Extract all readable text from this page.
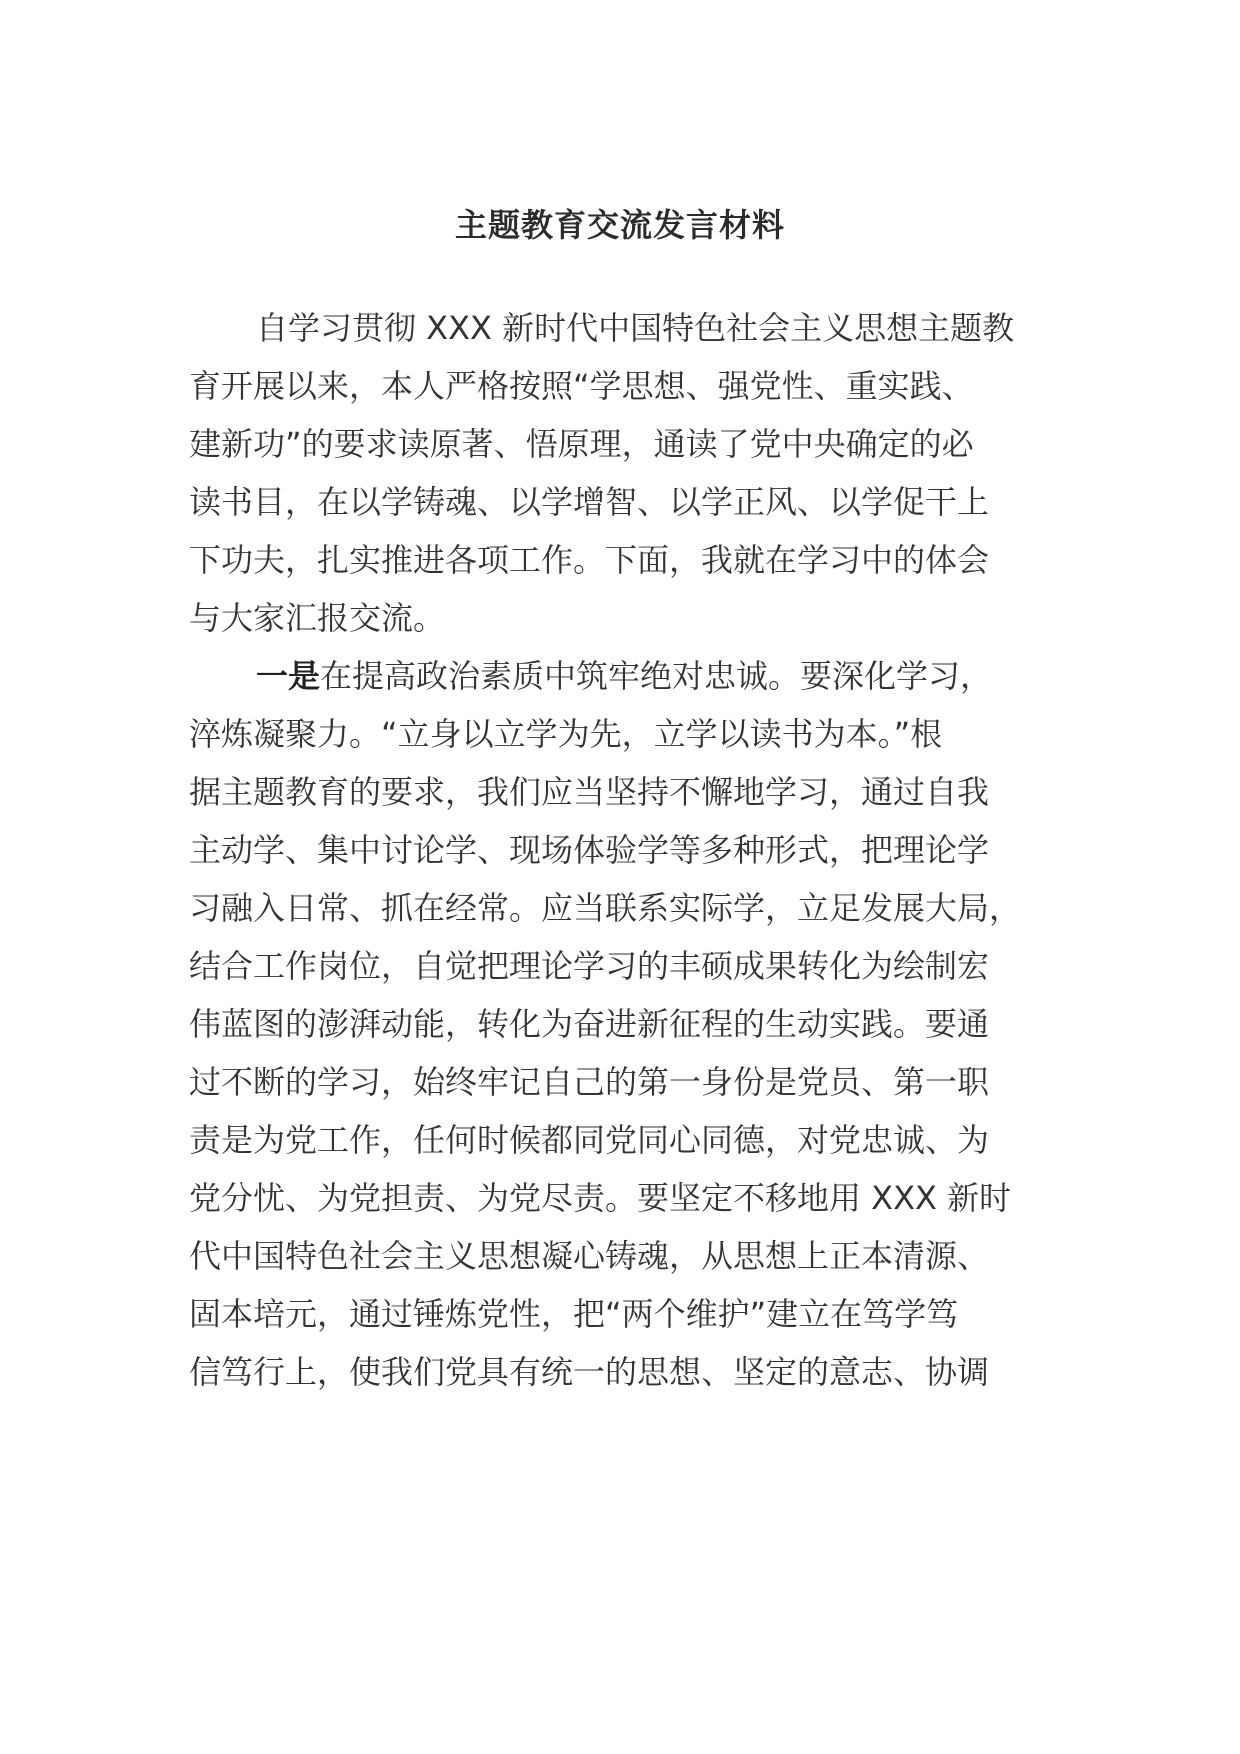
主题教育交流发言材料
自学习贯彻 XXX 新时代中国特色社会主义思想主题教
育开展以来，本人严格按照“学思想、强党性、重实践、
建新功”的要求读原著、悟原理，通读了党中央确定的必
读书目，在以学铸魂、以学增智、以学正风、以学促干上
下功夫，扎实推进各项工作。下面，我就在学习中的体会
与大家汇报交流。
一是在提高政治素质中筑牢绝对忠诚。要深化学习，
淬炼凝聚力。“立身以立学为先，立学以读书为本。”根
据主题教育的要求，我们应当坚持不懈地学习，通过自我
主动学、集中讨论学、现场体验学等多种形式，把理论学
习融入日常、抓在经常。应当联系实际学，立足发展大局，
结合工作岗位，自觉把理论学习的丰硕成果转化为绘制宏
伟蓝图的澎湃动能，转化为奋进新征程的生动实践。要通
过不断的学习，始终牢记自己的第一身份是党员、第一职
责是为党工作，任何时候都同党同心同德，对党忠诚、为
党分忧、为党担责、为党尽责。要坚定不移地用 XXX 新时
代中国特色社会主义思想凝心铸魂，从思想上正本清源、
固本培元，通过锤炼党性，把“两个维护”建立在笃学笃
信笃行上，使我们党具有统一的思想、坚定的意志、协调
